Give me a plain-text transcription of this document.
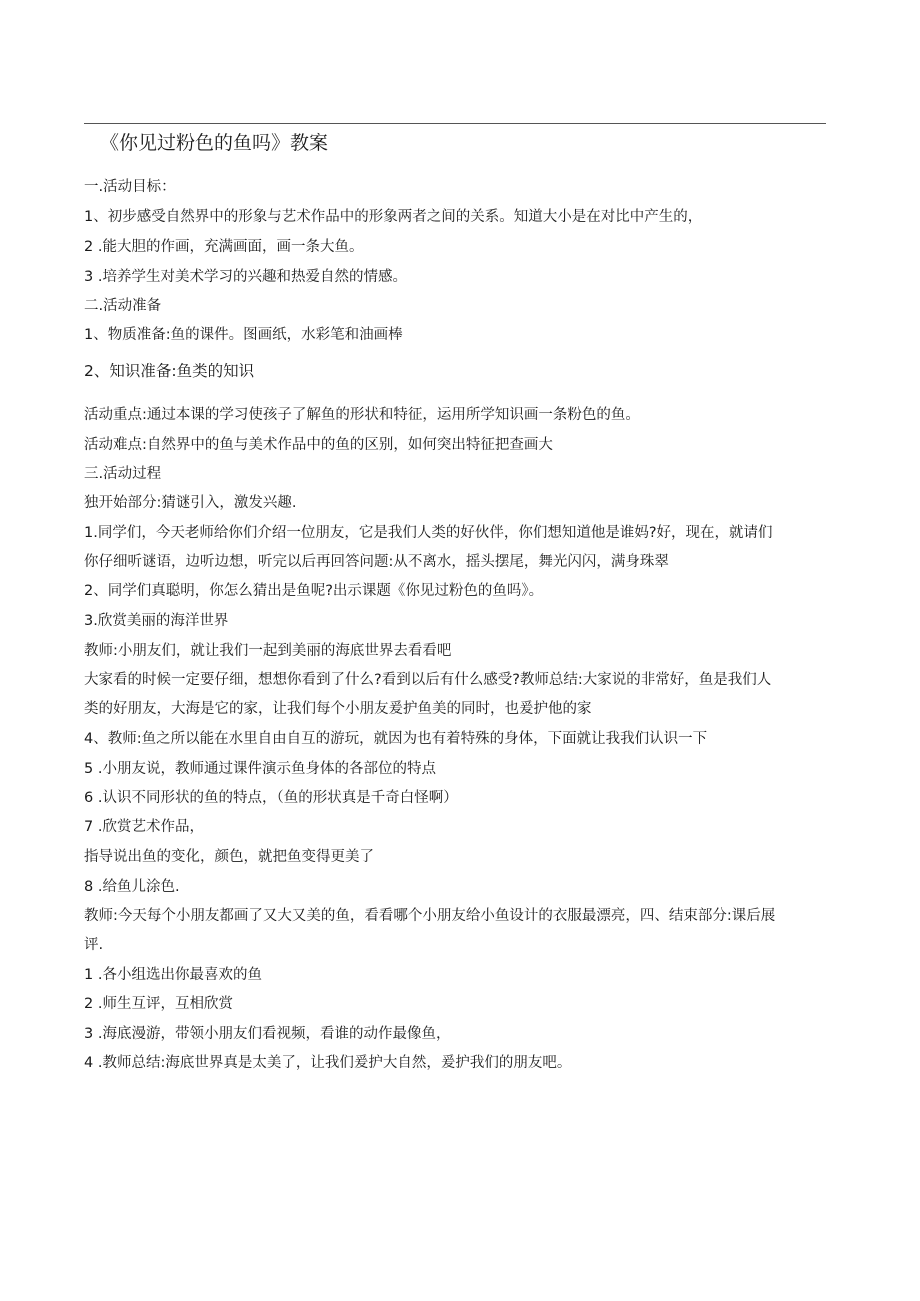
《你见过粉色的鱼吗》教案
一.活动目标：
1、初步感受自然界中的形象与艺术作品中的形象两者之间的关系。知道大小是在对比中产生的，
2 .能大胆的作画，充满画面，画一条大鱼。
3 .培养学生对美术学习的兴趣和热爱自然的情感。
二.活动准备
1、物质准备:鱼的课件。图画纸，水彩笔和油画棒
2、知识准备:鱼类的知识
活动重点:通过本课的学习使孩子了解鱼的形状和特征，运用所学知识画一条粉色的鱼。
活动难点:自然界中的鱼与美术作品中的鱼的区别，如何突出特征把查画大
三.活动过程
独开始部分:猜谜引入，激发兴趣.
1.同学们，今天老师给你们介绍一位朋友，它是我们人类的好伙伴，你们想知道他是谁妈?好，现在，就请们
你仔细听谜语，边听边想，听完以后再回答问题:从不离水，摇头摆尾，舞光闪闪，满身珠翠
2、同学们真聪明，你怎么猜出是鱼呢?出示课题《你见过粉色的鱼吗》。
3.欣赏美丽的海洋世界
教师:小朋友们，就让我们一起到美丽的海底世界去看看吧
大家看的时候一定要仔细，想想你看到了什么?看到以后有什么感受?教师总结:大家说的非常好，鱼是我们人
类的好朋友，大海是它的家，让我们每个小朋友爰护鱼美的同时，也爰护他的家
4、教师:鱼之所以能在水里自由自互的游玩，就因为也有着特殊的身体，下面就让我我们认识一下
5 .小朋友说，教师通过课件演示鱼身体的各部位的特点
6 .认识不同形状的鱼的特点，（鱼的形状真是千奇白怪啊）
7 .欣赏艺术作品，
指导说出鱼的变化，颜色，就把鱼变得更美了
8 .给鱼儿涂色.
教师:今天每个小朋友都画了又大又美的鱼，看看哪个小朋友给小鱼设计的衣服最漂亮，四、结束部分:课后展
评.
1 .各小组选出你最喜欢的鱼
2 .师生互评，互相欣赏
3 .海底漫游，带领小朋友们看视频，看谁的动作最像鱼，
4 .教师总结:海底世界真是太美了，让我们爰护大自然，爰护我们的朋友吧。
